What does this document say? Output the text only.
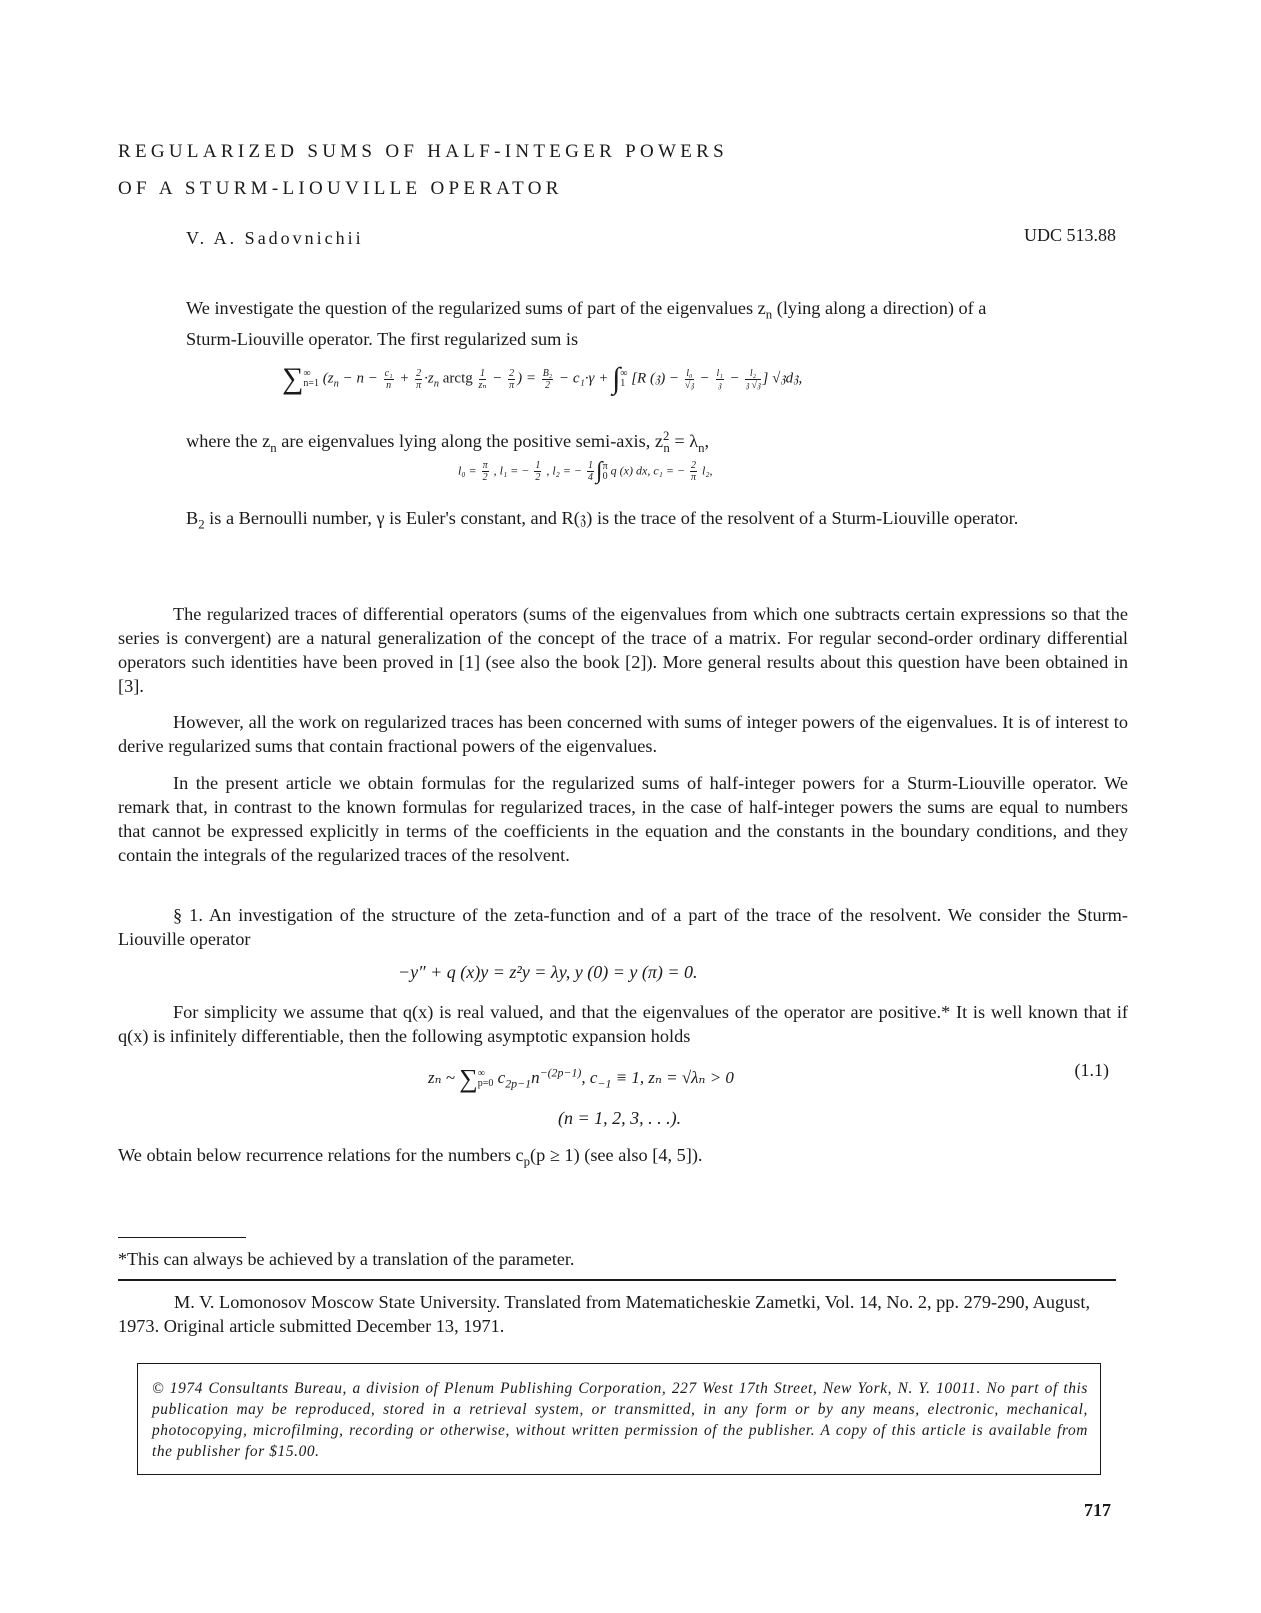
REGULARIZED SUMS OF HALF-INTEGER POWERS
OF A STURM-LIOUVILLE OPERATOR
V. A. Sadovnichii	UDC 513.88
We investigate the question of the regularized sums of part of the eigenvalues $z_n$ (lying along a direction) of a Sturm-Liouville operator. The first regularized sum is
∑ ∞
n=1 ($z_n - n - \frac{\text{c₁}}{n} + \frac{2}{\pi} \cdot z_n$ arctg $\frac{1}{\text{zₙ}} - \frac{2}{\pi}$ ) = $\frac{\text{B₂}}{2} - c_1\cdot\gamma$ + ∫ ∞
1 [R (𝔷) − $\frac{\text{l₀}}{\text{√𝔷}} - \frac{\text{l₁}}{\text{𝔷}} - \frac{\text{l₂}}{\text{𝔷 √𝔷}}$ ] √𝔷d𝔷,
where the $z_n$ are eigenvalues lying along the positive semi-axis, $z^2_n = \lambda_n$,
$l_0 = \frac{\pi}{2}$ , l₁ = − $\frac{1}{2}$ , l₂ = − $\frac{1}{4}$ ∫ π
0 q (x) dx, c₁ = − $\frac{2}{\pi} l_2$,
$B_2$ is a Bernoulli number, γ is Euler's constant, and R(𝔷) is the trace of the resolvent of a Sturm-Liouville operator.
The regularized traces of differential operators (sums of the eigenvalues from which one subtracts certain expressions so that the series is convergent) are a natural generalization of the concept of the trace of a matrix. For regular second-order ordinary differential operators such identities have been proved in [1] (see also the book [2]). More general results about this question have been obtained in [3].
However, all the work on regularized traces has been concerned with sums of integer powers of the eigenvalues. It is of interest to derive regularized sums that contain fractional powers of the eigenvalues.
In the present article we obtain formulas for the regularized sums of half-integer powers for a Sturm-Liouville operator. We remark that, in contrast to the known formulas for regularized traces, in the case of half-integer powers the sums are equal to numbers that cannot be expressed explicitly in terms of the coefficients in the equation and the constants in the boundary conditions, and they contain the integrals of the regularized traces of the resolvent.
§ 1. An investigation of the structure of the zeta-function and of a part of the trace of the resolvent. We consider the Sturm-Liouville operator
−y″ + q (x)y = z²y = λy, y (0) = y (π) = 0.
For simplicity we assume that q(x) is real valued, and that the eigenvalues of the operator are positive.* It is well known that if q(x) is infinitely differentiable, then the following asymptotic expansion holds
zₙ ~ ∑ ∞
p=0 $c_{2p-1}n^{-(2p-1)}$, $c_{-1} \equiv 1$, zₙ = √λₙ > 0	(1.1)
(n = 1, 2, 3, . . .).
We obtain below recurrence relations for the numbers $c_p(p \ge 1)$ (see also [4, 5]).
*This can always be achieved by a translation of the parameter.
M. V. Lomonosov Moscow State University. Translated from Matematicheskie Zametki, Vol. 14, No. 2, pp. 279-290, August, 1973. Original article submitted December 13, 1971.
© 1974 Consultants Bureau, a division of Plenum Publishing Corporation, 227 West 17th Street, New York, N. Y. 10011. No part of this publication may be reproduced, stored in a retrieval system, or transmitted, in any form or by any means, electronic, mechanical, photocopying, microfilming, recording or otherwise, without written permission of the publisher. A copy of this article is available from the publisher for $15.00.
717
